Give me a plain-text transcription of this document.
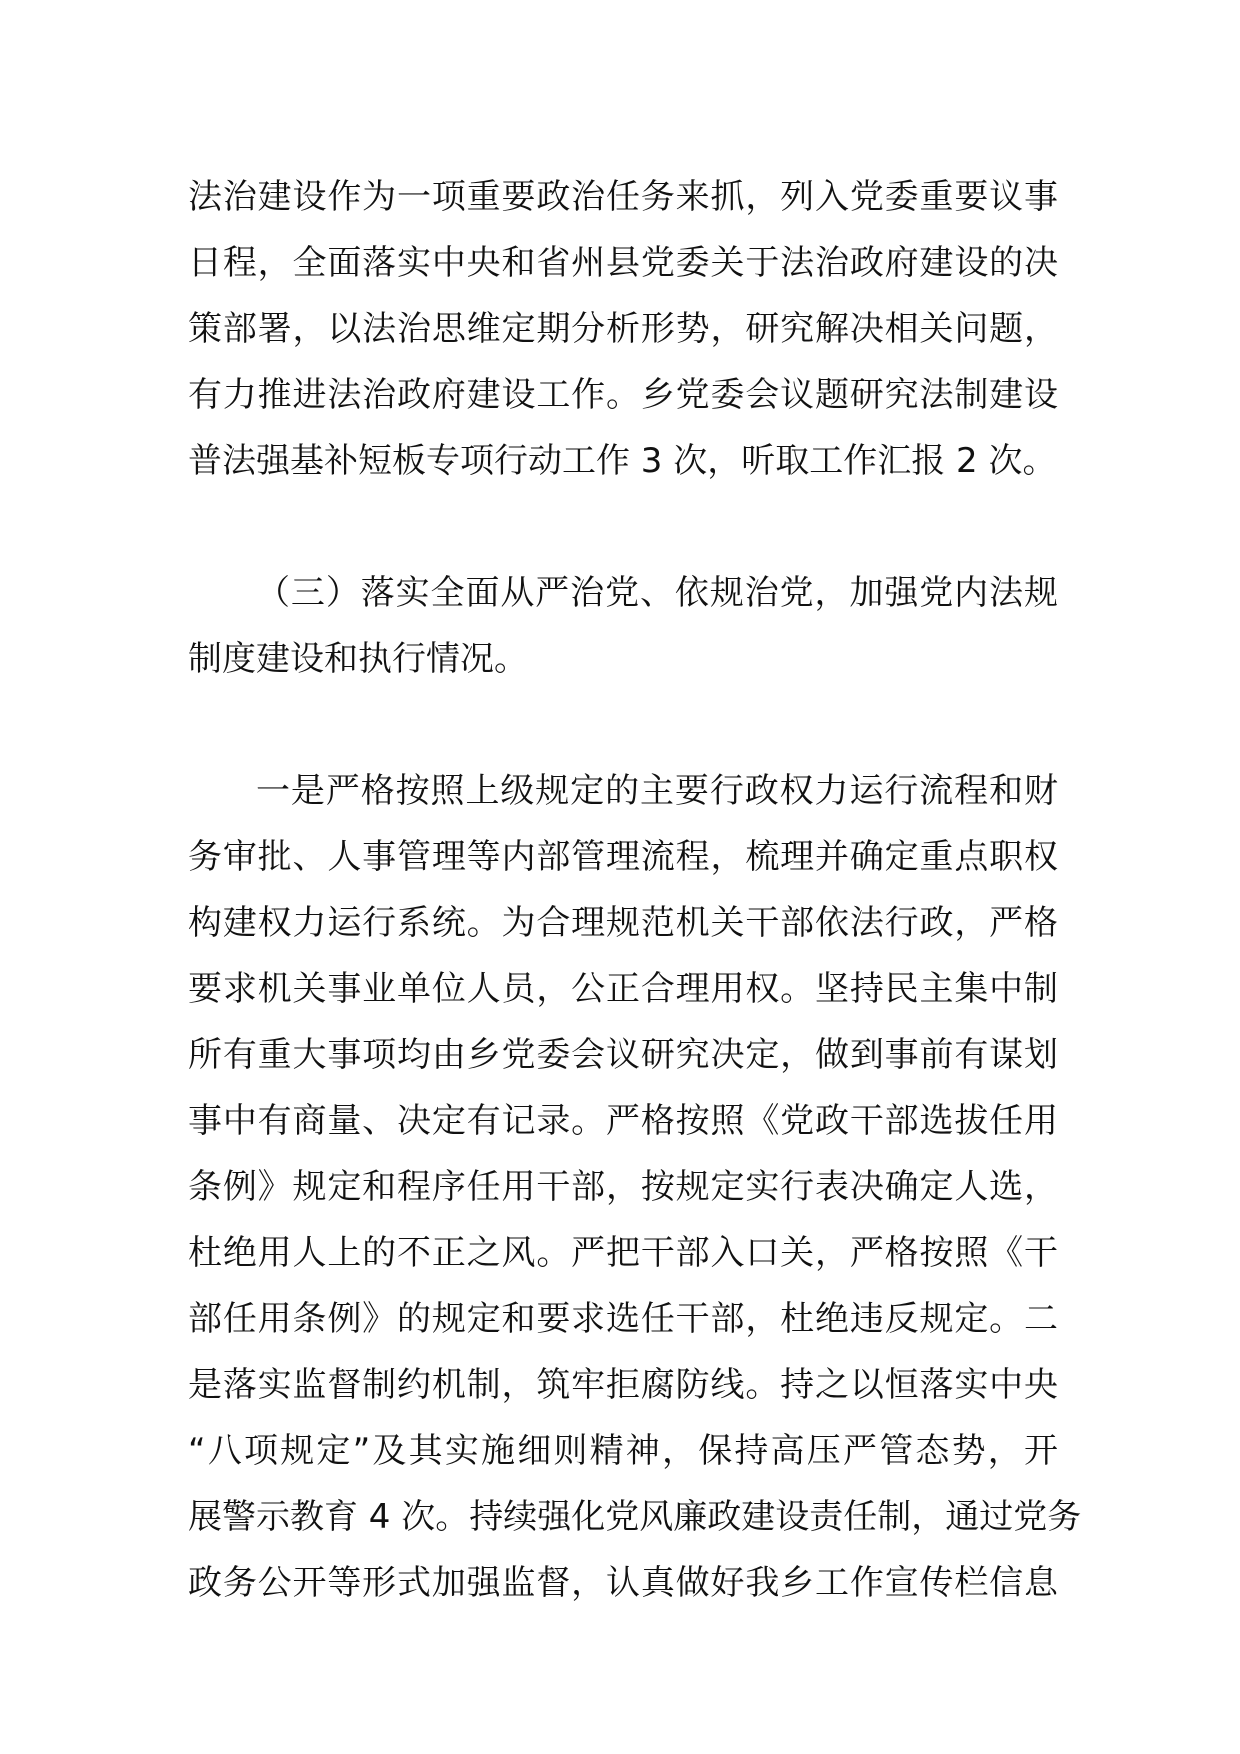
法治建设作为一项重要政治任务来抓，列入党委重要议事
日程，全面落实中央和省州县党委关于法治政府建设的决
策部署，以法治思维定期分析形势，研究解决相关问题，
有力推进法治政府建设工作。乡党委会议题研究法制建设
普法强基补短板专项行动工作 3 次，听取工作汇报 2 次。
（三）落实全面从严治党、依规治党，加强党内法规
制度建设和执行情况。
一是严格按照上级规定的主要行政权力运行流程和财
务审批、人事管理等内部管理流程，梳理并确定重点职权
构建权力运行系统。为合理规范机关干部依法行政，严格
要求机关事业单位人员，公正合理用权。坚持民主集中制
所有重大事项均由乡党委会议研究决定，做到事前有谋划
事中有商量、决定有记录。严格按照《党政干部选拔任用
条例》规定和程序任用干部，按规定实行表决确定人选，
杜绝用人上的不正之风。严把干部入口关，严格按照《干
部任用条例》的规定和要求选任干部，杜绝违反规定。二
是落实监督制约机制，筑牢拒腐防线。持之以恒落实中央
“八项规定”及其实施细则精神，保持高压严管态势，开
展警示教育 4 次。持续强化党风廉政建设责任制，通过党务
政务公开等形式加强监督，认真做好我乡工作宣传栏信息
